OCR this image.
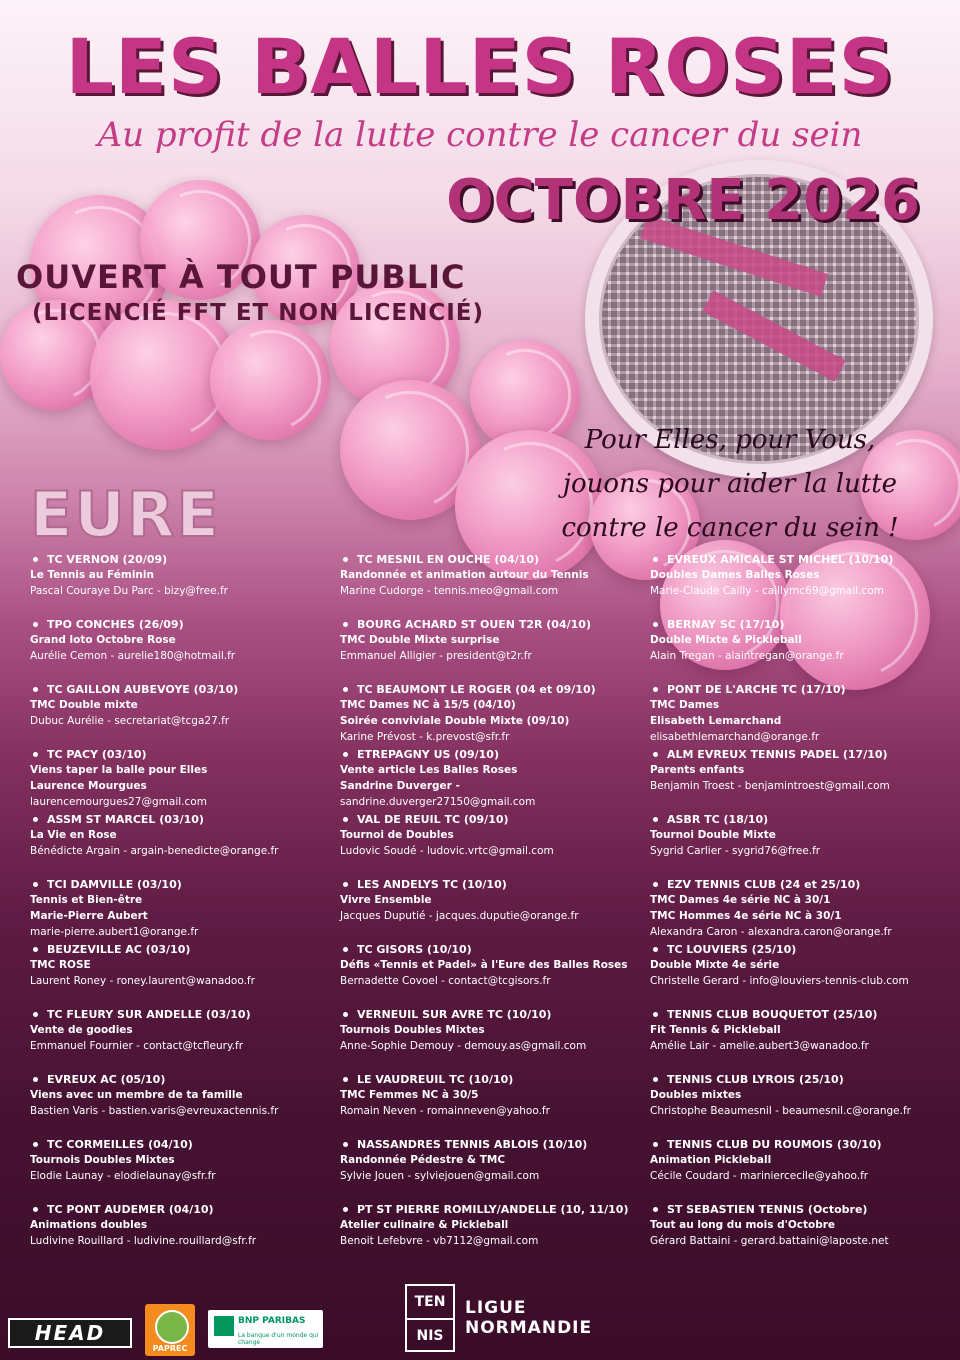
LES BALLES ROSES
Au profit de la lutte contre le cancer du sein
OCTOBRE 2026
OUVERT À TOUT PUBLIC
(LICENCIÉ FFT ET NON LICENCIÉ)
Pour Elles, pour Vous,
jouons pour aider la lutte
contre le cancer du sein !
EURE
TC VERNON (20/09)
Le Tennis au Féminin
Pascal Couraye Du Parc - bizy@free.fr
TPO CONCHES (26/09)
Grand loto Octobre Rose
Aurélie Cemon - aurelie180@hotmail.fr
TC GAILLON AUBEVOYE (03/10)
TMC Double mixte
Dubuc Aurélie - secretariat@tcga27.fr
TC PACY (03/10)
Viens taper la balle pour Elles
Laurence Mourgues
laurencemourgues27@gmail.com
ASSM ST MARCEL (03/10)
La Vie en Rose
Bénédicte Argain - argain-benedicte@orange.fr
TCI DAMVILLE (03/10)
Tennis et Bien-être
Marie-Pierre Aubert
marie-pierre.aubert1@orange.fr
BEUZEVILLE AC (03/10)
TMC ROSE
Laurent Roney - roney.laurent@wanadoo.fr
TC FLEURY SUR ANDELLE (03/10)
Vente de goodies
Emmanuel Fournier - contact@tcfleury.fr
EVREUX AC (05/10)
Viens avec un membre de ta famille
Bastien Varis - bastien.varis@evreuxactennis.fr
TC CORMEILLES (04/10)
Tournois Doubles Mixtes
Elodie Launay - elodielaunay@sfr.fr
TC PONT AUDEMER (04/10)
Animations doubles
Ludivine Rouillard - ludivine.rouillard@sfr.fr
TC MESNIL EN OUCHE (04/10)
Randonnée et animation autour du Tennis
Marine Cudorge - tennis.meo@gmail.com
BOURG ACHARD ST OUEN T2R (04/10)
TMC Double Mixte surprise
Emmanuel Alligier - president@t2r.fr
TC BEAUMONT LE ROGER (04 et 09/10)
TMC Dames NC à 15/5 (04/10)
Soirée conviviale Double Mixte (09/10)
Karine Prévost - k.prevost@sfr.fr
ETREPAGNY US (09/10)
Vente article Les Balles Roses
Sandrine Duverger -
sandrine.duverger27150@gmail.com
VAL DE REUIL TC (09/10)
Tournoi de Doubles
Ludovic Soudé - ludovic.vrtc@gmail.com
LES ANDELYS TC (10/10)
Vivre Ensemble
Jacques Duputié - jacques.duputie@orange.fr
TC GISORS (10/10)
Défis «Tennis et Padel» à l'Eure des Balles Roses
Bernadette Covoel - contact@tcgisors.fr
VERNEUIL SUR AVRE TC (10/10)
Tournois Doubles Mixtes
Anne-Sophie Demouy - demouy.as@gmail.com
LE VAUDREUIL TC (10/10)
TMC Femmes NC à 30/5
Romain Neven - romainneven@yahoo.fr
NASSANDRES TENNIS ABLOIS (10/10)
Randonnée Pédestre & TMC
Sylvie Jouen - sylviejouen@gmail.com
PT ST PIERRE ROMILLY/ANDELLE (10, 11/10)
Atelier culinaire & Pickleball
Benoit Lefebvre - vb7112@gmail.com
EVREUX AMICALE ST MICHEL (10/10)
Doubles Dames Balles Roses
Marie-Claude Cailly - caillymc69@gmail.com
BERNAY SC (17/10)
Double Mixte & Pickleball
Alain Tregan - alaintregan@orange.fr
PONT DE L'ARCHE TC (17/10)
TMC Dames
Elisabeth Lemarchand
elisabethlemarchand@orange.fr
ALM EVREUX TENNIS PADEL (17/10)
Parents enfants
Benjamin Troest - benjamintroest@gmail.com
ASBR TC (18/10)
Tournoi Double Mixte
Sygrid Carlier - sygrid76@free.fr
EZV TENNIS CLUB (24 et 25/10)
TMC Dames 4e série NC à 30/1
TMC Hommes 4e série NC à 30/1
Alexandra Caron - alexandra.caron@orange.fr
TC LOUVIERS (25/10)
Double Mixte 4e série
Christelle Gerard - info@louviers-tennis-club.com
TENNIS CLUB BOUQUETOT (25/10)
Fit Tennis & Pickleball
Amélie Lair - amelie.aubert3@wanadoo.fr
TENNIS CLUB LYROIS (25/10)
Doubles mixtes
Christophe Beaumesnil - beaumesnil.c@orange.fr
TENNIS CLUB DU ROUMOIS (30/10)
Animation Pickleball
Cécile Coudard - mariniercecile@yahoo.fr
ST SEBASTIEN TENNIS (Octobre)
Tout au long du mois d'Octobre
Gérard Battaini - gerard.battaini@laposte.net
HEAD
PAPREC
BNP PARIBAS
La banque d'un monde qui change
TEN
NIS
LIGUE
NORMANDIE
